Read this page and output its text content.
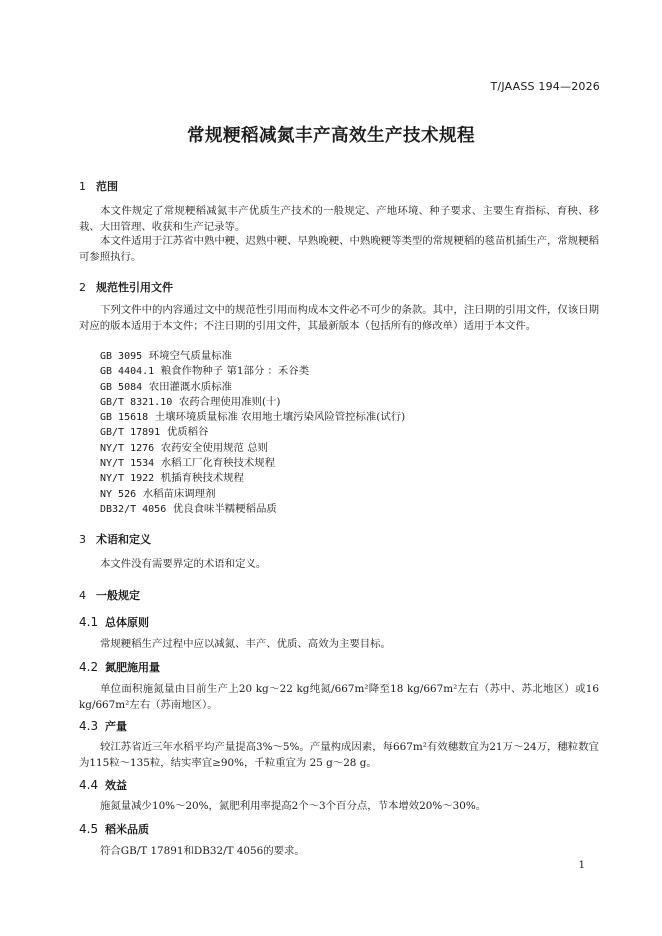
T/JAASS 194—2026
常规粳稻减氮丰产高效生产技术规程
1 范围
本文件规定了常规粳稻减氮丰产优质生产技术的一般规定、产地环境、种子要求、主要生育指标、育秧、移栽、大田管理、收获和生产记录等。
本文件适用于江苏省中熟中粳、迟熟中粳、早熟晚粳、中熟晚粳等类型的常规粳稻的毯苗机插生产，常规粳稻可参照执行。
2 规范性引用文件
下列文件中的内容通过文中的规范性引用而构成本文件必不可少的条款。其中，注日期的引用文件，仅该日期对应的版本适用于本文件；不注日期的引用文件，其最新版本（包括所有的修改单）适用于本文件。
GB 3095 环境空气质量标准
GB 4404.1 粮食作物种子 第1部分 ：禾谷类
GB 5084 农田灌溉水质标准
GB/T 8321.10 农药合理使用准则(十)
GB 15618 土壤环境质量标准 农用地土壤污染风险管控标准(试行)
GB/T 17891 优质稻谷
NY/T 1276 农药安全使用规范 总则
NY/T 1534 水稻工厂化育秧技术规程
NY/T 1922 机插育秧技术规程
NY 526 水稻苗床调理剂
DB32/T 4056 优良食味半糯粳稻品质
3 术语和定义
本文件没有需要界定的术语和定义。
4 一般规定
4.1 总体原则
常规粳稻生产过程中应以减氮、丰产、优质、高效为主要目标。
4.2 氮肥施用量
单位面积施氮量由目前生产上20 kg～22 kg纯氮/667m²降至18 kg/667m²左右（苏中、苏北地区）或16 kg/667m²左右（苏南地区）。
4.3 产量
较江苏省近三年水稻平均产量提高3%～5%。产量构成因素，每667m²有效穗数宜为21万～24万，穗粒数宜为115粒～135粒，结实率宜≥90%，千粒重宜为 25 g～28 g。
4.4 效益
施氮量减少10%～20%，氮肥利用率提高2个～3个百分点，节本增效20%～30%。
4.5 稻米品质
符合GB/T 17891和DB32/T 4056的要求。
1
